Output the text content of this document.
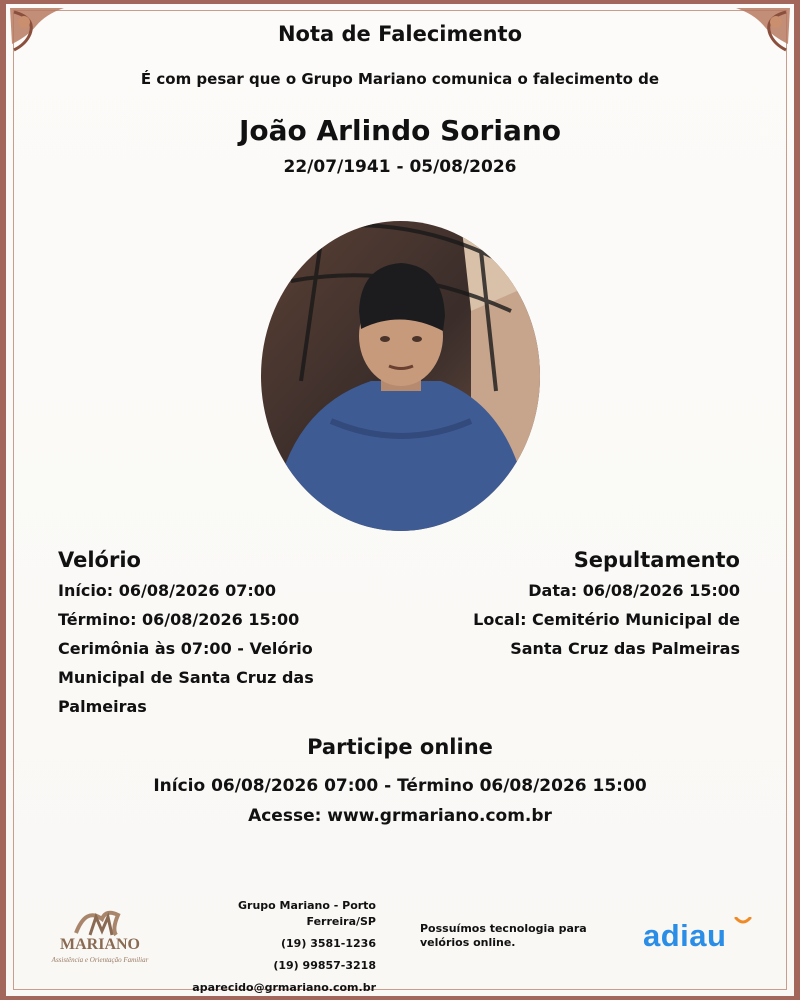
Nota de Falecimento
É com pesar que o Grupo Mariano comunica o falecimento de
João Arlindo Soriano
22/07/1941 - 05/08/2026
Velório
Início: 06/08/2026 07:00
Término: 06/08/2026 15:00
Cerimônia às 07:00 - Velório
Municipal de Santa Cruz das
Palmeiras
Sepultamento
Data: 06/08/2026 15:00
Local: Cemitério Municipal de
Santa Cruz das Palmeiras
Participe online
Início 06/08/2026 07:00 - Término 06/08/2026 15:00
Acesse: www.grmariano.com.br
MARIANO
Assistência e Orientação Familiar
Grupo Mariano - Porto
Ferreira/SP
(19) 3581-1236
(19) 99857-3218
aparecido@grmariano.com.br
Possuímos tecnologia para
velórios online.	adiau
